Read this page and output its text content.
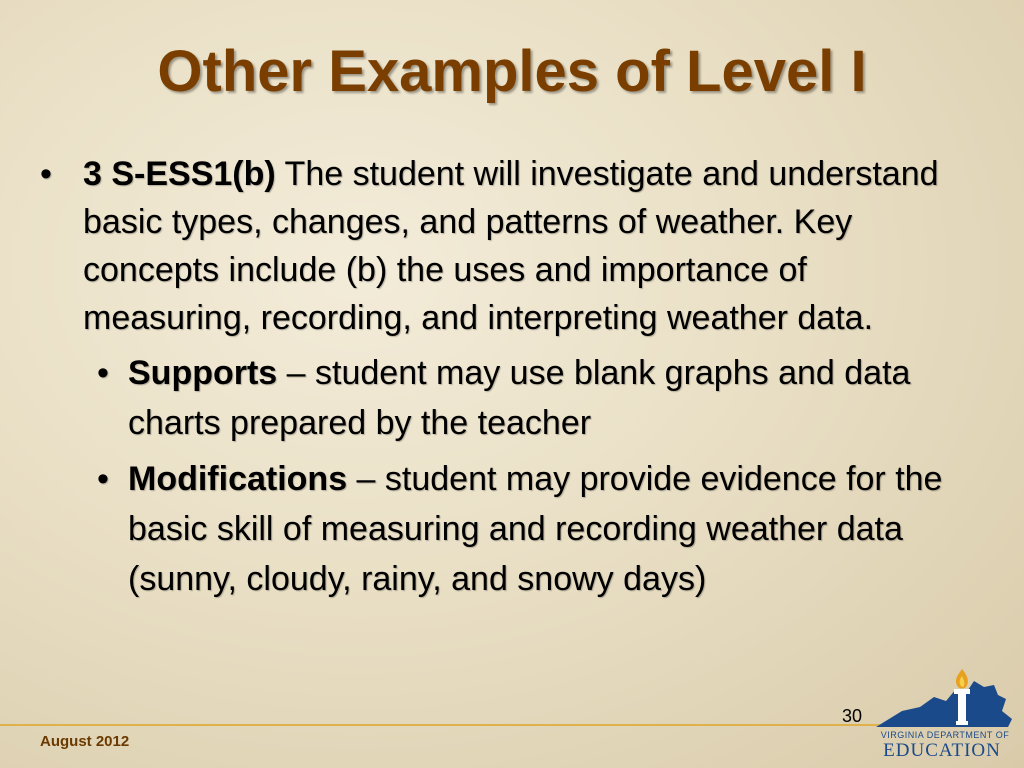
Other Examples of Level I
• 3 S-ESS1(b) The student will investigate and understand basic types, changes, and patterns of weather. Key concepts include (b) the uses and importance of measuring, recording, and interpreting weather data.
• Supports – student may use blank graphs and data charts prepared by the teacher
• Modifications – student may provide evidence for the basic skill of measuring and recording weather data (sunny, cloudy, rainy, and snowy days)
30
August 2012	VIRGINIA DEPARTMENT OF
EDUCATION
